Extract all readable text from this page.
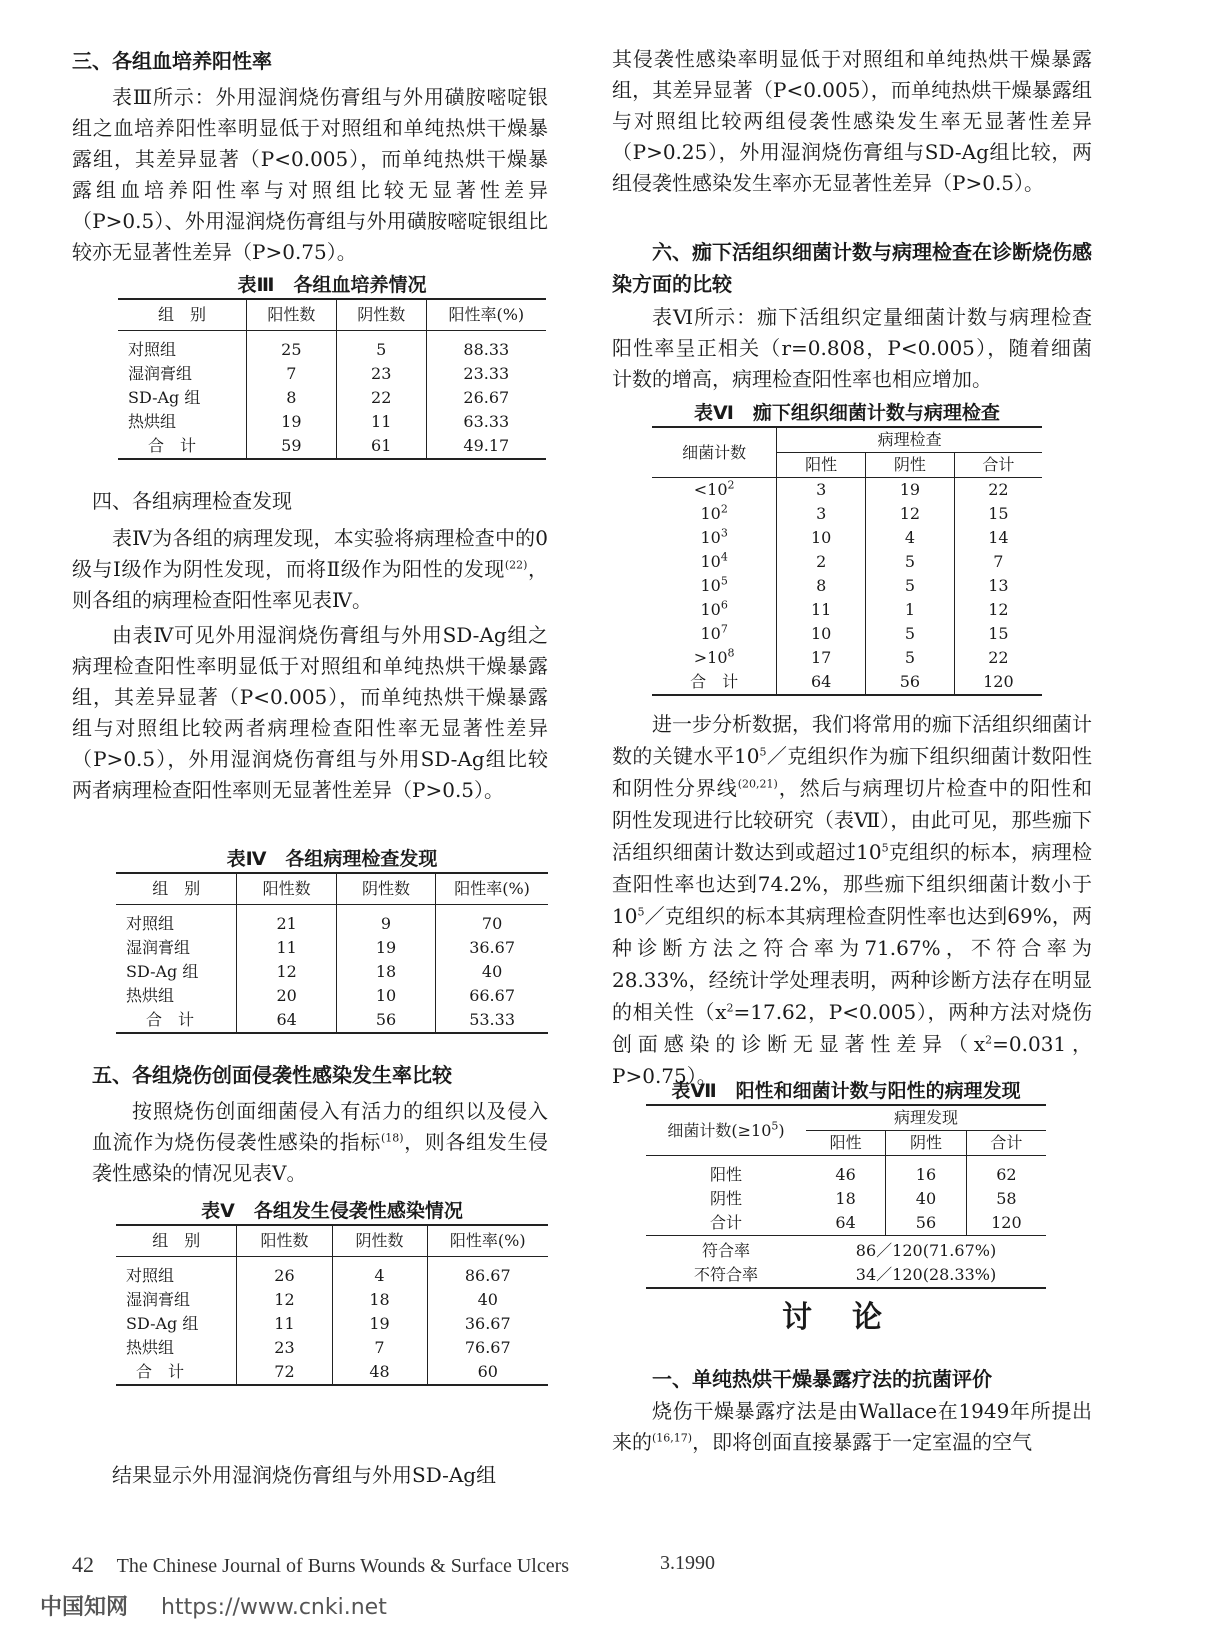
三、各组血培养阳性率

表Ⅲ所示：外用湿润烧伤膏组与外用磺胺嘧啶银组之血培养阳性率明显低于对照组和单纯热烘干燥暴露组，其差异显著（P<0.005），而单纯热烘干燥暴露组血培养阳性率与对照组比较无显著性差异（P>0.5）、外用湿润烧伤膏组与外用磺胺嘧啶银组比较亦无显著性差异（P>0.75）。

表Ⅲ　各组血培养情况
组　别	阳性数	阴性数	阳性率(%)
对照组	25	5	88.33
湿润膏组	7	23	23.33
SD-Ag 组	8	22	26.67
热烘组	19	11	63.33
合　计	59	61	49.17

四、各组病理检查发现

表Ⅳ为各组的病理发现，本实验将病理检查中的0级与Ⅰ级作为阴性发现，而将Ⅱ级作为阳性的发现$^{(22)}$，则各组的病理检查阳性率见表Ⅳ。

由表Ⅳ可见外用湿润烧伤膏组与外用SD-Ag组之病理检查阳性率明显低于对照组和单纯热烘干燥暴露组，其差异显著（P<0.005），而单纯热烘干燥暴露组与对照组比较两者病理检查阳性率无显著性差异（P>0.5），外用湿润烧伤膏组与外用SD-Ag组比较两者病理检查阳性率则无显著性差异（P>0.5）。

表Ⅳ　各组病理检查发现
组　别	阳性数	阴性数	阳性率(%)
对照组	21	9	70
湿润膏组	11	19	36.67
SD-Ag 组	12	18	40
热烘组	20	10	66.67
合　计	64	56	53.33

五、各组烧伤创面侵袭性感染发生率比较

按照烧伤创面细菌侵入有活力的组织以及侵入血流作为烧伤侵袭性感染的指标$^{(18)}$，则各组发生侵袭性感染的情况见表Ⅴ。

表Ⅴ　各组发生侵袭性感染情况
组　别	阳性数	阴性数	阳性率(%)
对照组	26	4	86.67
湿润膏组	12	18	40
SD-Ag 组	11	19	36.67
热烘组	23	7	76.67
合　计	72	48	60

结果显示外用湿润烧伤膏组与外用SD-Ag组

其侵袭性感染率明显低于对照组和单纯热烘干燥暴露组，其差异显著（P<0.005），而单纯热烘干燥暴露组与对照组比较两组侵袭性感染发生率无显著性差异（P>0.25），外用湿润烧伤膏组与SD-Ag组比较，两组侵袭性感染发生率亦无显著性差异（P>0.5）。

六、痂下活组织细菌计数与病理检查在诊断烧伤感染方面的比较

表Ⅵ所示：痂下活组织定量细菌计数与病理检查阳性率呈正相关（r=0.808，P<0.005），随着细菌计数的增高，病理检查阳性率也相应增加。

表Ⅵ　痂下组织细菌计数与病理检查
细菌计数	病理检查		
	阳性	阴性	合计
$<10^2$	3	19	22
$10^2$	3	12	15
$10^3$	10	4	14
$10^4$	2	5	7
$10^5$	8	5	13
$10^6$	11	1	12
$10^7$	10	5	15
$>10^8$	17	5	22
合　计	64	56	120

进一步分析数据，我们将常用的痂下活组织细菌计数的关键水平$10^5/$克组织作为痂下组织细菌计数阳性和阴性分界线$^{(20,21)}$，然后与病理切片检查中的阳性和阴性发现进行比较研究（表Ⅶ），由此可见，那些痂下活组织细菌计数达到或超过$10^5$克组织的标本，病理检查阳性率也达到74.2%，那些痂下组织细菌计数小于$10^5/$克组织的标本其病理检查阴性率也达到69%，两种诊断方法之符合率为71.67%，不符合率为28.33%，经统计学处理表明，两种诊断方法存在明显的相关性（$x^2=17.62$，P<0.005），两种方法对烧伤创面感染的诊断无显著性差异（$x^2=0.031$，P>0.75）。

表Ⅶ　阳性和细菌计数与阳性的病理发现
细菌计数$(\ge 10^5)$	病理发现		
	阳性	阴性	合计
阳性	46	16	62
阴性	18	40	58
合计	64	56	120
符合率	86／120(71.67%)		
不符合率	34／120(28.33%)		
讨论

一、单纯热烘干燥暴露疗法的抗菌评价

烧伤干燥暴露疗法是由Wallace在1949年所提出来的$^{(16,17)}$，即将创面直接暴露于一定室温的空气

42 The Chinese Journal of Burns Wounds & Surface Ulcers	3.1990
中国知网 https://www.cnki.net
